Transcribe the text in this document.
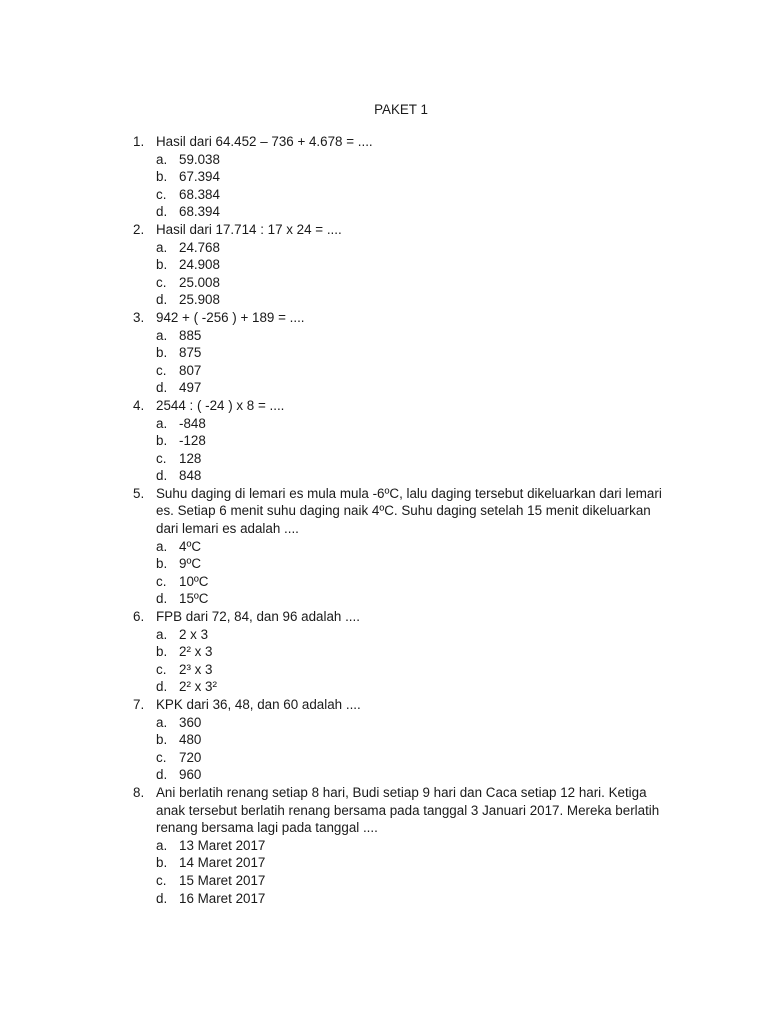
PAKET 1
1. Hasil dari 64.452 – 736 + 4.678 = ....
a. 59.038
b. 67.394
c. 68.384
d. 68.394
2. Hasil dari 17.714 : 17 x 24 = ....
a. 24.768
b. 24.908
c. 25.008
d. 25.908
3. 942 + ( -256 ) + 189 = ....
a. 885
b. 875
c. 807
d. 497
4. 2544 : ( -24 ) x 8 = ....
a. -848
b. -128
c. 128
d. 848
5. Suhu daging di lemari es mula mula -6ºC, lalu daging tersebut dikeluarkan dari lemari
es. Setiap 6 menit suhu daging naik 4ºC. Suhu daging setelah 15 menit dikeluarkan
dari lemari es adalah ....
a. 4ºC
b. 9ºC
c. 10ºC
d. 15ºC
6. FPB dari 72, 84, dan 96 adalah ....
a. 2 x 3
b. 2² x 3
c. 2³ x 3
d. 2² x 3²
7. KPK dari 36, 48, dan 60 adalah ....
a. 360
b. 480
c. 720
d. 960
8. Ani berlatih renang setiap 8 hari, Budi setiap 9 hari dan Caca setiap 12 hari. Ketiga
anak tersebut berlatih renang bersama pada tanggal 3 Januari 2017. Mereka berlatih
renang bersama lagi pada tanggal ....
a. 13 Maret 2017
b. 14 Maret 2017
c. 15 Maret 2017
d. 16 Maret 2017
